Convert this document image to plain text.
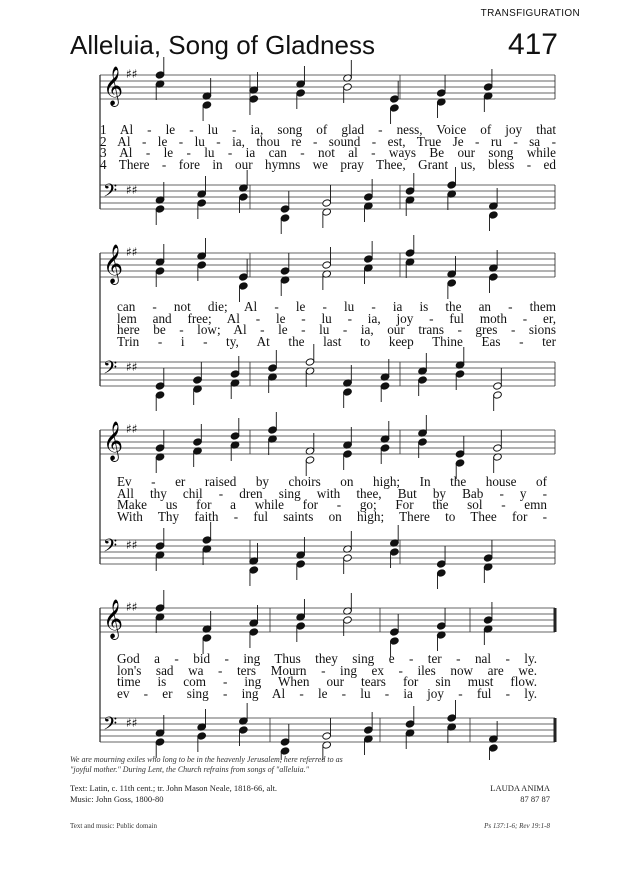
TRANSFIGURATION
Alleluia, Song of Gladness	417
𝄞 ♯♯
𝄢 ♯♯
𝄞 ♯♯
𝄢 ♯♯
𝄞 ♯♯
𝄢 ♯♯
𝄞 ♯♯
𝄢 ♯♯
1 Al - le - lu - ia, song of glad - ness, Voice of joy that
2 Al - le - lu - ia, thou re - sound - est, True Je - ru - sa -
3 Al - le - lu - ia can - not al - ways Be our song while
4 There - fore in our hymns we pray Thee, Grant us, bless - ed
can - not die; Al - le - lu - ia is the an - them
lem and free; Al - le - lu - ia, joy - ful moth - er,
here be - low; Al - le - lu - ia, our trans - gres - sions
Trin - i - ty, At the last to keep Thine Eas - ter
Ev - er raised by choirs on high; In the house of
All thy chil - dren sing with thee, But by Bab - y -
Make us for a while for - go; For the sol - emn
With Thy faith - ful saints on high; There to Thee for -
God a - bid - ing Thus they sing e - ter - nal - ly.
lon's sad wa - ters Mourn - ing ex - iles now are we.
time is com - ing When our tears for sin must flow.
ev - er sing - ing Al - le - lu - ia joy - ful - ly.
We are mourning exiles who long to be in the heavenly Jerusalem, here referred to as
"joyful mother." During Lent, the Church refrains from songs of "alleluia."
Text: Latin, c. 11th cent.; tr. John Mason Neale, 1818-66, alt.
Music: John Goss, 1800-80
LAUDA ANIMA
87 87 87
Text and music: Public domain	Ps 137:1-6; Rev 19:1-8
